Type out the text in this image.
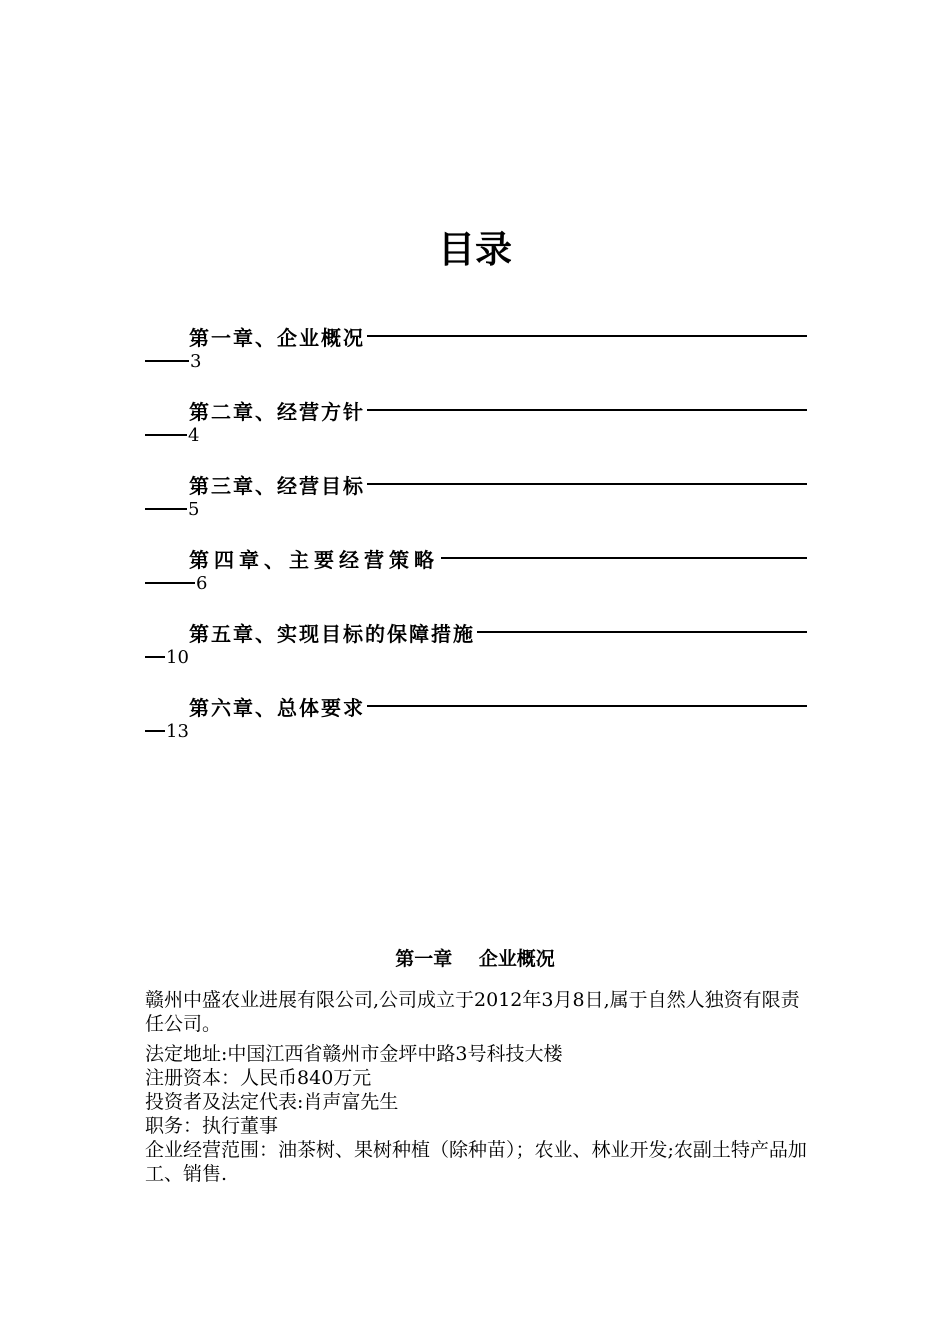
目录
第一章、企业概况
3
第二章、经营方针
4
第三章、经营目标
5
第四章、主要经营策略
6
第五章、实现目标的保障措施
10
第六章、总体要求
13
第一章    企业概况

赣州中盛农业进展有限公司,公司成立于2012年3月8日,属于自然人独资有限责任公司。

法定地址:中国江西省赣州市金坪中路3号科技大楼

注册资本：人民币840万元

投资者及法定代表:肖声富先生

职务：执行董事

企业经营范围：油茶树、果树种植（除种苗）；农业、林业开发;农副土特产品加工、销售.
